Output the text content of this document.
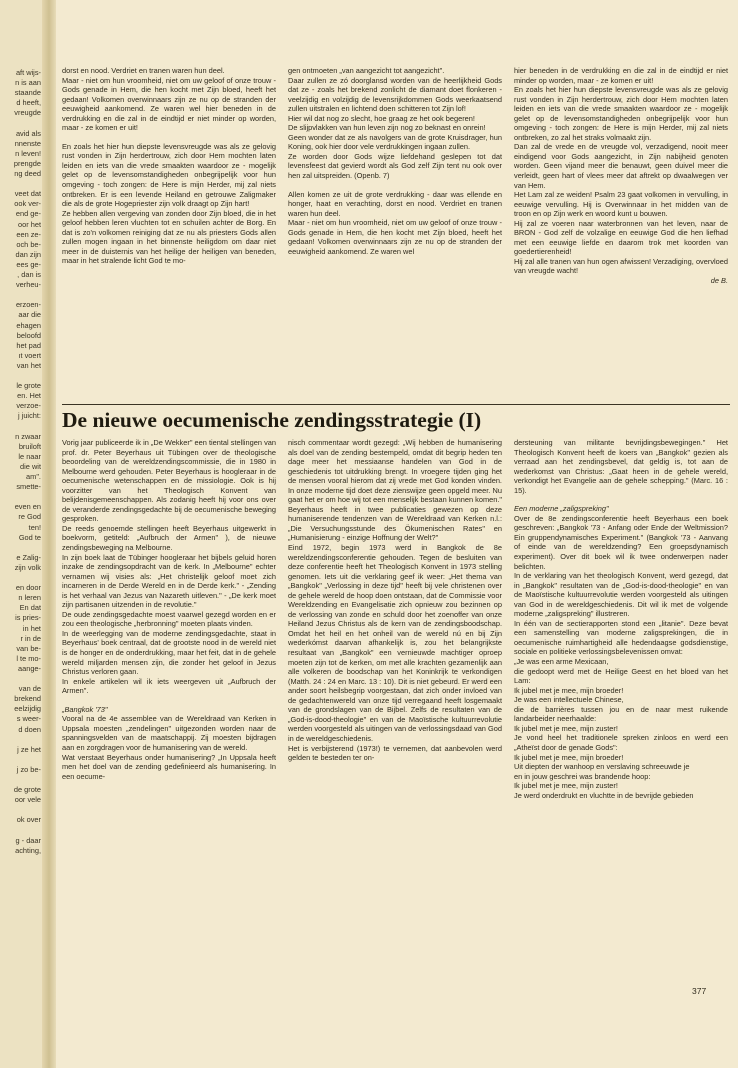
aft wijs-
n is aan
staande
d heeft,
vreugde
avid als
nnenste
n leven!
prengde
ng deed
veet dat
ook ver-
end ge-
oor het
een ze-
och be-
dan zijn
ees ge-
, dan is
verheu-
erzoen-
aar die
ehagen
beloofd
het pad
ıt voert
van het
le grote
en. Het
verzoe-
j juicht:
n zwaar
bruiloft
le naar
die wit
am".
smette-
even en
re God
ten!
God te
e Zalig-
zijn volk
en door
n leren
En dat
is pries-
in het
r in de
van be-
l te mo-
aange-
van de
brekend
eelzijdig
s weer-
d doen
j ze het
j zo be-
de grote
oor vele
ok over
g - daar
achting,

dorst en nood. Verdriet en tranen waren hun deel.

Maar - niet om hun vroomheid, niet om uw geloof of onze trouw - Gods genade in Hem, die hen kocht met Zijn bloed, heeft het gedaan! Volkomen overwinnaars zijn ze nu op de stranden der eeuwigheid aankomend. Ze waren wel hier beneden in de verdrukking en die zal in de eindtijd er niet minder op worden, maar - ze komen er uit!

En zoals het hier hun diepste levensvreugde was als ze gelovig rust vonden in Zijn herdertrouw, zich door Hem mochten laten leiden en iets van die vrede smaakten waardoor ze - mogelijk gelet op de levensomstandigheden onbegrijpelijk voor hun omgeving - toch zongen: de Here is mijn Herder, mij zal niets ontbreken. Er is een levende Heiland en getrouwe Zaligmaker die als de grote Hogepriester zijn volk draagt op Zijn hart!

Ze hebben allen vergeving van zonden door Zijn bloed, die in het geloof hebben leren vluchten tot en schuilen achter de Borg. En dat is zo'n volkomen reiniging dat ze nu als priesters Gods allen zullen mogen ingaan in het binnenste heiligdom om daar niet meer in de duisternis van het heilige der heiligen van beneden, maar in het stralende licht God te mo-

gen ontmoeten „van aangezicht tot aangezicht".

Daar zullen ze zó doorglansd worden van de heerlijkheid Gods dat ze - zoals het brekend zonlicht de diamant doet flonkeren - veelzijdig en volzijdig de levensrijkdommen Gods weerkaatsend zullen uitstralen en lichtend doen schitteren tot Zijn lof!

Hier wil dat nog zo slecht, hoe graag ze het ook begeren!

De slijpvlakken van hun leven zijn nog zo beknast en onrein!

Geen wonder dat ze als navolgers van de grote Kruisdrager, hun Koning, ook hier door vele verdrukkingen ingaan zullen.

Ze worden door Gods wijze liefdehand geslepen tot dat levensfeest dat gevierd wordt als God zelf Zijn tent nu ook over hen zal uitspreiden. (Openb. 7)

Allen komen ze uit de grote verdrukking - daar was ellende en honger, haat en verachting, dorst en nood. Verdriet en tranen waren hun deel.

Maar - niet om hun vroomheid, niet om uw geloof of onze trouw - Gods genade in Hem, die hen kocht met Zijn bloed, heeft het gedaan! Volkomen overwinnaars zijn ze nu op de stranden der eeuwigheid aankomend. Ze waren wel

hier beneden in de verdrukking en die zal in de eindtijd er niet minder op worden, maar - ze komen er uit!

En zoals het hier hun diepste levensvreugde was als ze gelovig rust vonden in Zijn herdertrouw, zich door Hem mochten laten leiden en iets van die vrede smaakten waardoor ze - mogelijk gelet op de levensomstandigheden onbegrijpelijk voor hun omgeving - toch zongen: de Here is mijn Herder, mij zal niets ontbreken, zo zal het straks volmaakt zijn.

Dan zal de vrede en de vreugde vol, verzadigend, nooit meer eindigend voor Gods aangezicht, in Zijn nabijheid genoten worden. Geen vijand meer die benauwt, geen duivel meer die verleidt, geen hart of vlees meer dat aftrekt op dwaalwegen ver van Hem.

Het Lam zal ze weiden! Psalm 23 gaat volkomen in vervulling, in eeuwige vervulling. Hij is Overwinnaar in het midden van de troon en op Zijn werk en woord kunt u bouwen.

Hij zal ze voeren naar waterbronnen van het leven, naar de BRON - God zelf de volzalige en eeuwige God die hen liefhad met een eeuwige liefde en daarom trok met koorden van goedertierenheid!

Hij zal alle tranen van hun ogen afwissen! Verzadiging, overvloed van vreugde wacht!

de B.

De nieuwe oecumenische zendingsstrategie (I)

Vorig jaar publiceerde ik in „De Wekker" een tiental stellingen van prof. dr. Peter Beyerhaus uit Tübingen over de theologische beoordeling van de wereldzendingscommissie, die in 1980 in Melbourne werd gehouden. Peter Beyerhaus is hoogleraar in de oecumenische wetenschappen en de missiologie. Ook is hij voorzitter van het Theologisch Konvent van belijdenisgemeenschappen. Als zodanig heeft hij voor ons over de veranderde zendingsgedachte bij de oecumenische beweging gesproken.

De reeds genoemde stellingen heeft Beyerhaus uitgewerkt in boekvorm, getiteld: „Aufbruch der Armen" ), de nieuwe zendingsbeweging na Melbourne.

In zijn boek laat de Tübinger hoogleraar het bijbels geluid horen inzake de zendingsopdracht van de kerk. In „Melbourne" echter vernamen wij visies als: „Het christelijk geloof moet zich incarneren in de Derde Wereld en in de Derde kerk." - „Zending is het verhaal van Jezus van Nazareth uitleven." - „De kerk moet zijn partisanen uitzenden in de revolutie."

De oude zendingsgedachte moest vaarwel gezegd worden en er zou een theologische „herbronning" moeten plaats vinden.

In de weerlegging van de moderne zendingsgedachte, staat in Beyerhaus' boek centraal, dat de grootste nood in de wereld niet is de honger en de onderdrukking, maar het feit, dat in de gehele wereld miljarden mensen zijn, die zonder het geloof in Jezus Christus verloren gaan.

In enkele artikelen wil ik iets weergeven uit „Aufbruch der Armen".

„Bangkok '73"

Vooral na de 4e assemblee van de Wereldraad van Kerken in Uppsala moesten „zendelingen" uitgezonden worden naar de spanningsvelden van de maatschappij. Zij moesten bijdragen aan en zorgdragen voor de humanisering van de wereld.

Wat verstaat Beyerhaus onder humanisering? „In Uppsala heeft men het doel van de zending gedefinieerd als humanisering. In een oecume-

nisch commentaar wordt gezegd: „Wij hebben de humanisering als doel van de zending bestempeld, omdat dit begrip heden ten dage meer het messiaanse handelen van God in de geschiedenis tot uitdrukking brengt. In vroegere tijden ging het de mensen vooral hierom dat zij vrede met God konden vinden. In onze moderne tijd doet deze zienswijze geen opgeld meer. Nu gaat het er om hoe wij tot een menselijk bestaan kunnen komen." Beyerhaus heeft in twee publicaties gewezen op deze humaniserende tendenzen van de Wereldraad van Kerken n.l.: „Die Versuchungsstunde des Ökumenischen Rates" en „Humanisierung - einzige Hoffnung der Welt?"

Eind 1972, begin 1973 werd in Bangkok de 8e wereldzendingsconferentie gehouden. Tegen de besluiten van deze conferentie heeft het Theologisch Konvent in 1973 stelling genomen. Iets uit die verklaring geef ik weer: „Het thema van „Bangkok" „Verlossing in deze tijd" heeft bij vele christenen over de gehele wereld de hoop doen ontstaan, dat de Commissie voor Wereldzending en Evangelisatie zich opnieuw zou bezinnen op de verlossing van zonde en schuld door het zoenoffer van onze Heiland Jezus Christus als de kern van de zendingsboodschap. Omdat het heil en het onheil van de wereld nú en bij Zijn wederkómst daarvan afhankelijk is, zou het belangrijkste resultaat van „Bangkok" een vernieuwde machtiger oproep moeten zijn tot de kerken, om met alle krachten gezamenlijk aan alle volkeren de boodschap van het Koninkrijk te verkondigen (Matth. 24 : 24 en Marc. 13 : 10). Dit is niet gebeurd. Er werd een ander soort heilsbegrip voorgestaan, dat zich onder invloed van de gedachtenwereld van onze tijd verregaand heeft losgemaakt van de grondslagen van de Bijbel. Zelfs de resultaten van de „God-is-dood-theologie" en van de Maoïstische kultuurrevolutie werden voorgesteld als uitingen van de verlossingsdaad van God in de wereldgeschiedenis.

Het is verbijsterend (1973!) te vernemen, dat aanbevolen werd gelden te besteden ter on-

dersteuning van militante bevrijdingsbewegingen." Het Theologisch Konvent heeft de koers van „Bangkok" gezien als verraad aan het zendingsbevel, dat geldig is, tot aan de wederkomst van Christus: „Gaat heen in de gehele wereld, verkondigt het Evangelie aan de gehele schepping." (Marc. 16 : 15).

Een moderne „zaligspreking"

Over de 8e zendingsconferentie heeft Beyerhaus een boek geschreven: „Bangkok '73 - Anfang oder Ende der Weltmission? Ein gruppendynamisches Experiment." (Bangkok '73 - Aanvang of einde van de wereldzending? Een groepsdynamisch experiment). Over dit boek wil ik twee onderwerpen nader belichten.

In de verklaring van het theologisch Konvent, werd gezegd, dat in „Bangkok" resultaten van de „God-is-dood-theologie" en van de Maoïstische kultuurrevolutie werden voorgesteld als uitingen van God in de wereldgeschiedenis. Dit wil ik met de volgende moderne „zaligspreking" illustreren.

In één van de sectierapporten stond een „litanie". Deze bevat een samenstelling van moderne zaligsprekingen, die in oecumenische ruimhartigheid alle hedendaagse godsdienstige, sociale en politieke verlossingsbelevenissen omvat:

„Je was een arme Mexicaan,

die gedoopt werd met de Heilige Geest en het bloed van het Lam:

Ik jubel met je mee, mijn broeder!

Je was een intellectuele Chinese,

die de barrières tussen jou en de naar mest ruikende landarbeider neerhaalde:

Ik jubel met je mee, mijn zuster!

Je vond heel het traditionele spreken zinloos en werd een „Atheïst door de genade Gods":

Ik jubel met je mee, mijn broeder!

Uit diepten der wanhoop en verslaving schreeuwde je

en in jouw geschrei was brandende hoop:

Ik jubel met je mee, mijn zuster!

Je werd onderdrukt en vluchtte in de bevrijde gebieden

377
